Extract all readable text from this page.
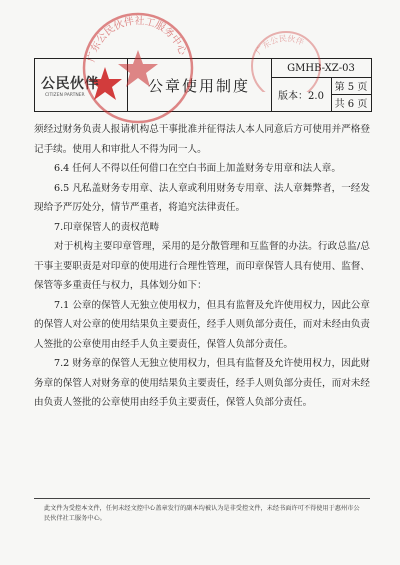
公民伙伴
CITIZEN PARTNER
公章使用制度
GMHB-XZ-03
版本：2.0
第 5 页
共 6 页
广东公民伙伴社工服务中心	广东公民伙伴

须经过财务负责人报请机构总干事批准并征得法人本人同意后方可使用并严格登记手续。使用人和审批人不得为同一人。

6.4 任何人不得以任何借口在空白书面上加盖财务专用章和法人章。

6.5 凡私盖财务专用章、法人章或利用财务专用章、法人章舞弊者，一经发现给予严厉处分，情节严重者，将追究法律责任。

7.印章保管人的责权范畴

对于机构主要印章管理，采用的是分散管理和互监督的办法。行政总监/总干事主要职责是对印章的使用进行合理性管理，而印章保管人具有使用、监督、保管等多重责任与权力，具体划分如下：

7.1 公章的保管人无独立使用权力，但具有监督及允许使用权力，因此公章的保管人对公章的使用结果负主要责任，经手人则负部分责任，而对未经由负责人签批的公章使用由经手人负主要责任，保管人负部分责任。

7.2 财务章的保管人无独立使用权力，但具有监督及允许使用权力，因此财务章的保管人对财务章的使用结果负主要责任，经手人则负部分责任，而对未经由负责人签批的公章使用由经手负主要责任，保管人负部分责任。

此文件为受控本文件，任何未经文控中心盖章发行的副本均被认为是非受控文件，未经书面许可不得使用于惠州市公民伙伴社工服务中心。
